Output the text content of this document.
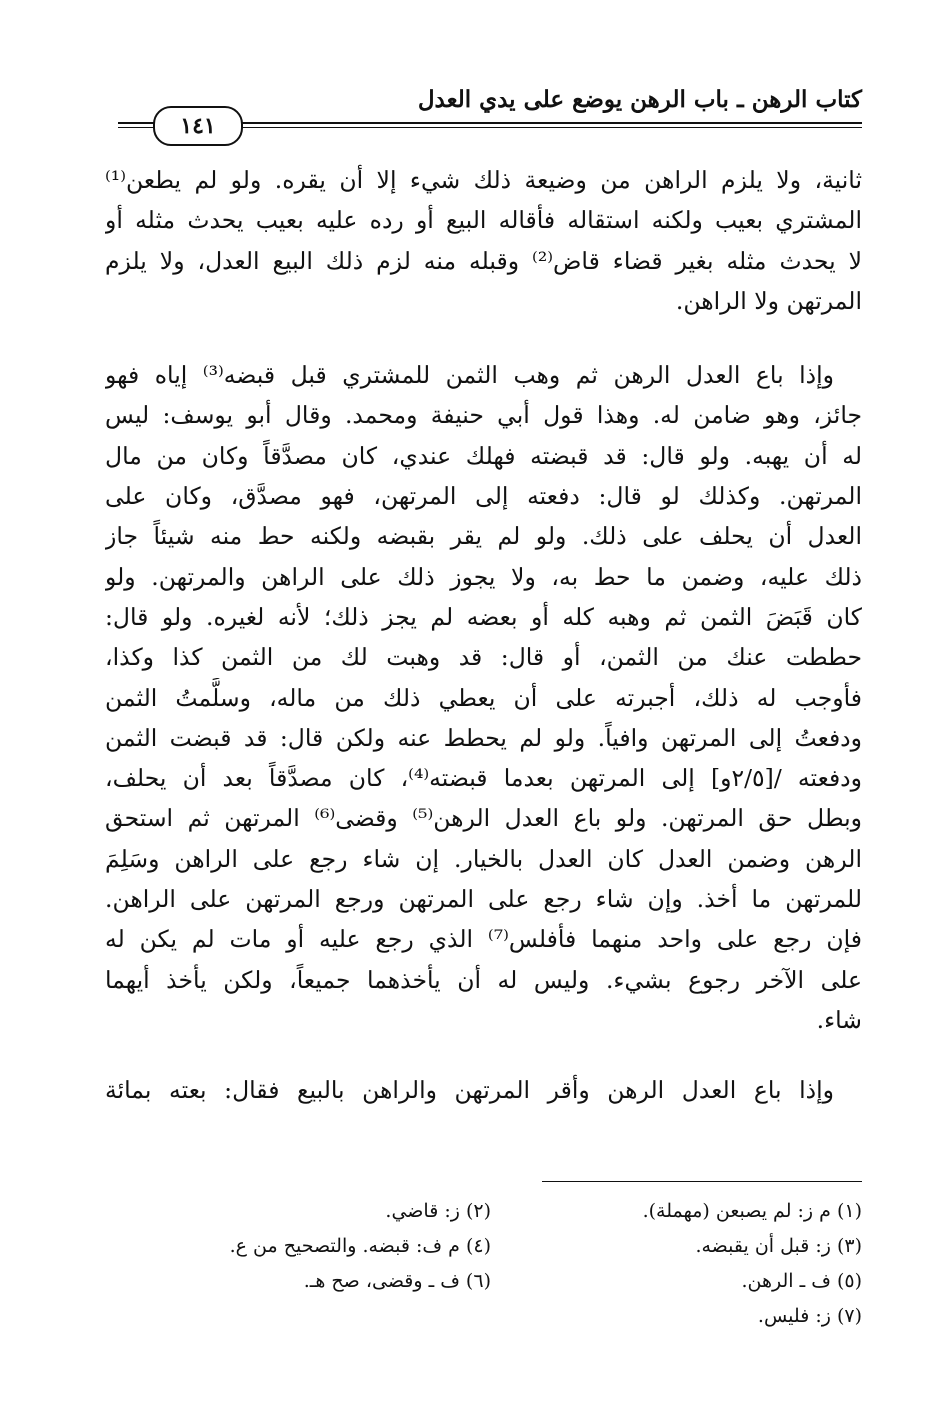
كتاب الرهن ـ باب الرهن يوضع على يدي العدل
١٤١

ثانية، ولا يلزم الراهن من وضيعة ذلك شيء إلا أن يقره. ولو لم يطعن⁽¹⁾
المشتري بعيب ولكنه استقاله فأقاله البيع أو رده عليه بعيب يحدث مثله أو
لا يحدث مثله بغير قضاء قاض⁽²⁾ وقبله منه لزم ذلك البيع العدل، ولا يلزم
المرتهن ولا الراهن.

وإذا باع العدل الرهن ثم وهب الثمن للمشتري قبل قبضه⁽³⁾ إياه فهو
جائز، وهو ضامن له. وهذا قول أبي حنيفة ومحمد. وقال أبو يوسف: ليس
له أن يهبه. ولو قال: قد قبضته فهلك عندي، كان مصدَّقاً وكان من مال
المرتهن. وكذلك لو قال: دفعته إلى المرتهن، فهو مصدَّق، وكان على
العدل أن يحلف على ذلك. ولو لم يقر بقبضه ولكنه حط منه شيئاً جاز
ذلك عليه، وضمن ما حط به، ولا يجوز ذلك على الراهن والمرتهن. ولو
كان قَبَضَ الثمن ثم وهبه كله أو بعضه لم يجز ذلك؛ لأنه لغيره. ولو قال:
حططت عنك من الثمن، أو قال: قد وهبت لك من الثمن كذا وكذا،
فأوجب له ذلك، أجبرته على أن يعطي ذلك من ماله، وسلَّمتُ الثمن
ودفعتُ إلى المرتهن وافياً. ولو لم يحطط عنه ولكن قال: قد قبضت الثمن
ودفعته /[٢/٥و] إلى المرتهن بعدما قبضته⁽⁴⁾، كان مصدَّقاً بعد أن يحلف،
وبطل حق المرتهن. ولو باع العدل الرهن⁽⁵⁾ وقضى⁽⁶⁾ المرتهن ثم استحق
الرهن وضمن العدل كان العدل بالخيار. إن شاء رجع على الراهن وسَلِمَ
للمرتهن ما أخذ. وإن شاء رجع على المرتهن ورجع المرتهن على الراهن.
فإن رجع على واحد منهما فأفلس⁽⁷⁾ الذي رجع عليه أو مات لم يكن له
على الآخر رجوع بشيء. وليس له أن يأخذهما جميعاً، ولكن يأخذ أيهما
شاء.

وإذا باع العدل الرهن وأقر المرتهن والراهن بالبيع فقال: بعته بمائة

(١) م ز: لم يصبعن (مهملة).
(٢) ز: قاضي.
(٣) ز: قبل أن يقبضه.
(٤) م ف: قبضه. والتصحيح من ع.
(٥) ف ـ الرهن.
(٦) ف ـ وقضى، صح هـ.
(٧) ز: فليس.
